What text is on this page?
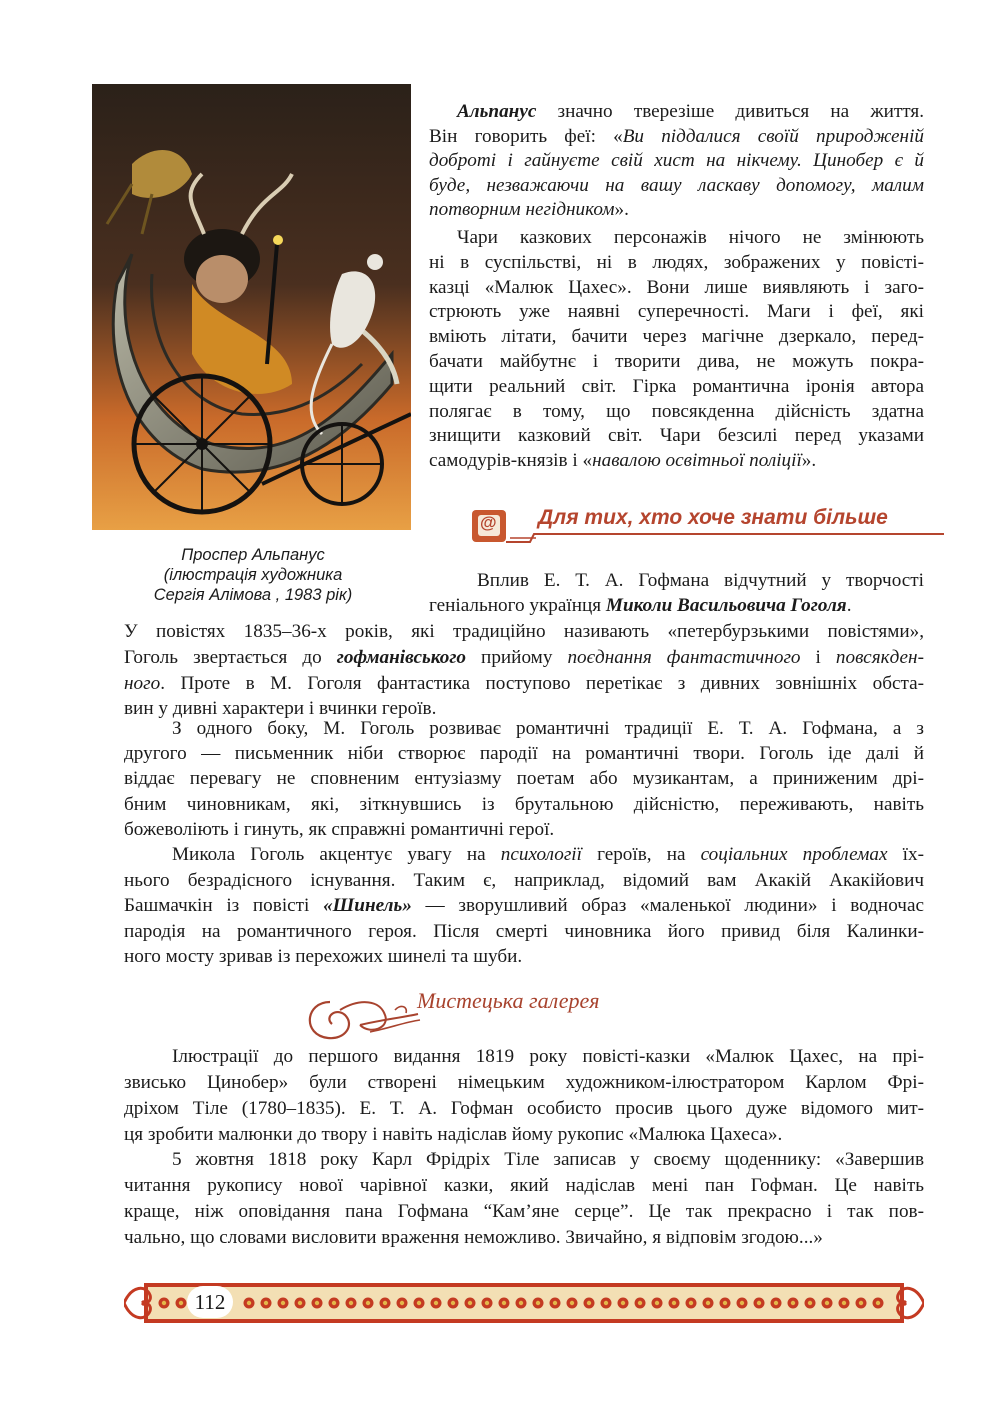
Проспер Альпанус
(ілюстрація художника
Сергія Алімова , 1983 рік)
Альпанус значно тверезіше дивиться на життя.
Він говорить феї: «Ви піддалися своїй природженій
доброті і гайнуєте свій хист на нікчему. Цинобер є й
буде, незважаючи на вашу ласкаву допомогу, малим
потворним негідником».
Чари казкових персонажів нічого не змінюють
ні в суспільстві, ні в людях, зображених у повісті-
казці «Малюк Цахес». Вони лише виявляють і заго-
стрюють уже наявні суперечності. Маги і феї, які
вміють літати, бачити через магічне дзеркало, перед-
бачати майбутнє і творити дива, не можуть покра-
щити реальний світ. Гірка романтична іронія автора
полягає в тому, що повсякденна дійсність здатна
знищити казковий світ. Чари безсилі перед указами
самодурів-князів і «навалою освітньої поліції».
@ Для тих, хто хоче знати більше
Вплив Е. Т. А. Гофмана відчутний у творчості
геніального українця Миколи Васильовича Гоголя.
У повістях 1835–36-х років, які традиційно називають «петербурзькими повістями»,
Гоголь звертається до гофманівського прийому поєднання фантастичного і повсякден-
ного. Проте в М. Гоголя фантастика поступово перетікає з дивних зовнішніх обста-
вин у дивні характери і вчинки героїв.
З одного боку, М. Гоголь розвиває романтичні традиції Е. Т. А. Гофмана, а з
другого — письменник ніби створює пародії на романтичні твори. Гоголь іде далі й
віддає перевагу не сповненим ентузіазму поетам або музикантам, а приниженим дрі-
бним чиновникам, які, зіткнувшись із брутальною дійсністю, переживають, навіть
божеволіють і гинуть, як справжні романтичні герої.
Микола Гоголь акцентує увагу на психології героїв, на соціальних проблемах їх-
нього безрадісного існування. Таким є, наприклад, відомий вам Акакій Акакійович
Башмачкін із повісті «Шинель» — зворушливий образ «маленької людини» і водночас
пародія на романтичного героя. Після смерті чиновника його привид біля Калинки-
ного мосту зривав із перехожих шинелі та шуби.
Мистецька галерея
Ілюстрації до першого видання 1819 року повісті-казки «Малюк Цахес, на прі-
звисько Цинобер» були створені німецьким художником-ілюстратором Карлом Фрі-
дріхом Тіле (1780–1835). Е. Т. А. Гофман особисто просив цього дуже відомого мит-
ця зробити малюнки до твору і навіть надіслав йому рукопис «Малюка Цахеса».
5 жовтня 1818 року Карл Фрідріх Тіле записав у своєму щоденнику: «Завершив
читання рукопису нової чарівної казки, який надіслав мені пан Гофман. Це навіть
краще, ніж оповідання пана Гофмана “Кам’яне серце”. Це так прекрасно і так пов-
чально, що словами висловити враження неможливо. Звичайно, я відповім згодою...»
112
